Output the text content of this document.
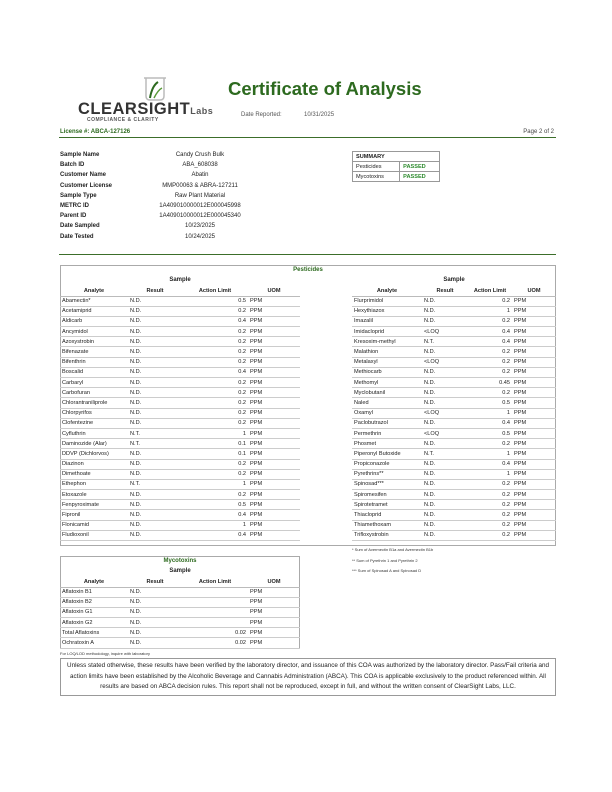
CLEARSIGHTLabs
COMPLIANCE & CLARITY
Certificate of Analysis
Date Reported:	10/31/2025
License #: ABCA-127126	Page 2 of 2
Sample Name	Candy Crush Bulk
Batch ID	ABA_608038
Customer Name	Abatin
Customer License	MMP00063 & ABRA-127211
Sample Type	Raw Plant Material
METRC ID	1A409010000012E000045998
Parent ID	1A409010000012E000045340
Date Sampled	10/23/2025
Date Tested	10/24/2025
SUMMARY	
Pesticides	PASSED
Mycotoxins	PASSED
Pesticides
Sample	Sample
Analyte	Result	Action Limit	UOM
Abamectin*	N.D.	0.5	PPM
Acetamiprid	N.D.	0.2	PPM
Aldicarb	N.D.	0.4	PPM
Ancymidol	N.D.	0.2	PPM
Azoxystrobin	N.D.	0.2	PPM
Bifenazate	N.D.	0.2	PPM
Bifenthrin	N.D.	0.2	PPM
Boscalid	N.D.	0.4	PPM
Carbaryl	N.D.	0.2	PPM
Carbofuran	N.D.	0.2	PPM
Chlorantraniliprole	N.D.	0.2	PPM
Chlorpyrifos	N.D.	0.2	PPM
Clofentezine	N.D.	0.2	PPM
Cyfluthrin	N.T.	1	PPM
Daminozide (Alar)	N.T.	0.1	PPM
DDVP (Dichlorvos)	N.D.	0.1	PPM
Diazinon	N.D.	0.2	PPM
Dimethoate	N.D.	0.2	PPM
Ethephon	N.T.	1	PPM
Etoxazole	N.D.	0.2	PPM
Fenpyroximate	N.D.	0.5	PPM
Fipronil	N.D.	0.4	PPM
Flonicamid	N.D.	1	PPM
Fludioxonil	N.D.	0.4	PPM
Analyte	Result	Action Limit	UOM
Flurprimidol	N.D.	0.2	PPM
Hexythiazox	N.D.	1	PPM
Imazalil	N.D.	0.2	PPM
Imidacloprid	<LOQ	0.4	PPM
Kresoxim-methyl	N.T.	0.4	PPM
Malathion	N.D.	0.2	PPM
Metalaxyl	<LOQ	0.2	PPM
Methiocarb	N.D.	0.2	PPM
Methomyl	N.D.	0.45	PPM
Myclobutanil	N.D.	0.2	PPM
Naled	N.D.	0.5	PPM
Oxamyl	<LOQ	1	PPM
Paclobutrazol	N.D.	0.4	PPM
Permethrin	<LOQ	0.5	PPM
Phosmet	N.D.	0.2	PPM
Piperonyl Butoxide	N.T.	1	PPM
Propiconazole	N.D.	0.4	PPM
Pyrethrins**	N.D.	1	PPM
Spinosad***	N.D.	0.2	PPM
Spiromesifen	N.D.	0.2	PPM
Spirotetramet	N.D.	0.2	PPM
Thiacloprid	N.D.	0.2	PPM
Thiamethoxam	N.D.	0.2	PPM
Trifloxystrobin	N.D.	0.2	PPM
* Sum of Avermectin B1a and Avermectin B1b
** Sum of Pyrethrin 1 and Pyrethrin 2
*** Sum of Spinosad A and Spinosad D
Mycotoxins
Sample
Analyte	Result	Action Limit	UOM
Aflatoxin B1	N.D.		PPM
Aflatoxin B2	N.D.		PPM
Aflatoxin G1	N.D.		PPM
Aflatoxin G2	N.D.		PPM
Total Aflatoxins	N.D.	0.02	PPM
Ochratoxin A	N.D.	0.02	PPM
For LOQ/LOD methodology, inquire with laboratory
Unless stated otherwise, these results have been verified by the laboratory director, and issuance of this COA was authorized by the laboratory director. Pass/Fail criteria and action limits have been established by the Alcoholic Beverage and Cannabis Administration (ABCA). This COA is applicable exclusively to the product referenced within. All results are based on ABCA decision rules. This report shall not be reproduced, except in full, and without the written consent of ClearSight Labs, LLC.
